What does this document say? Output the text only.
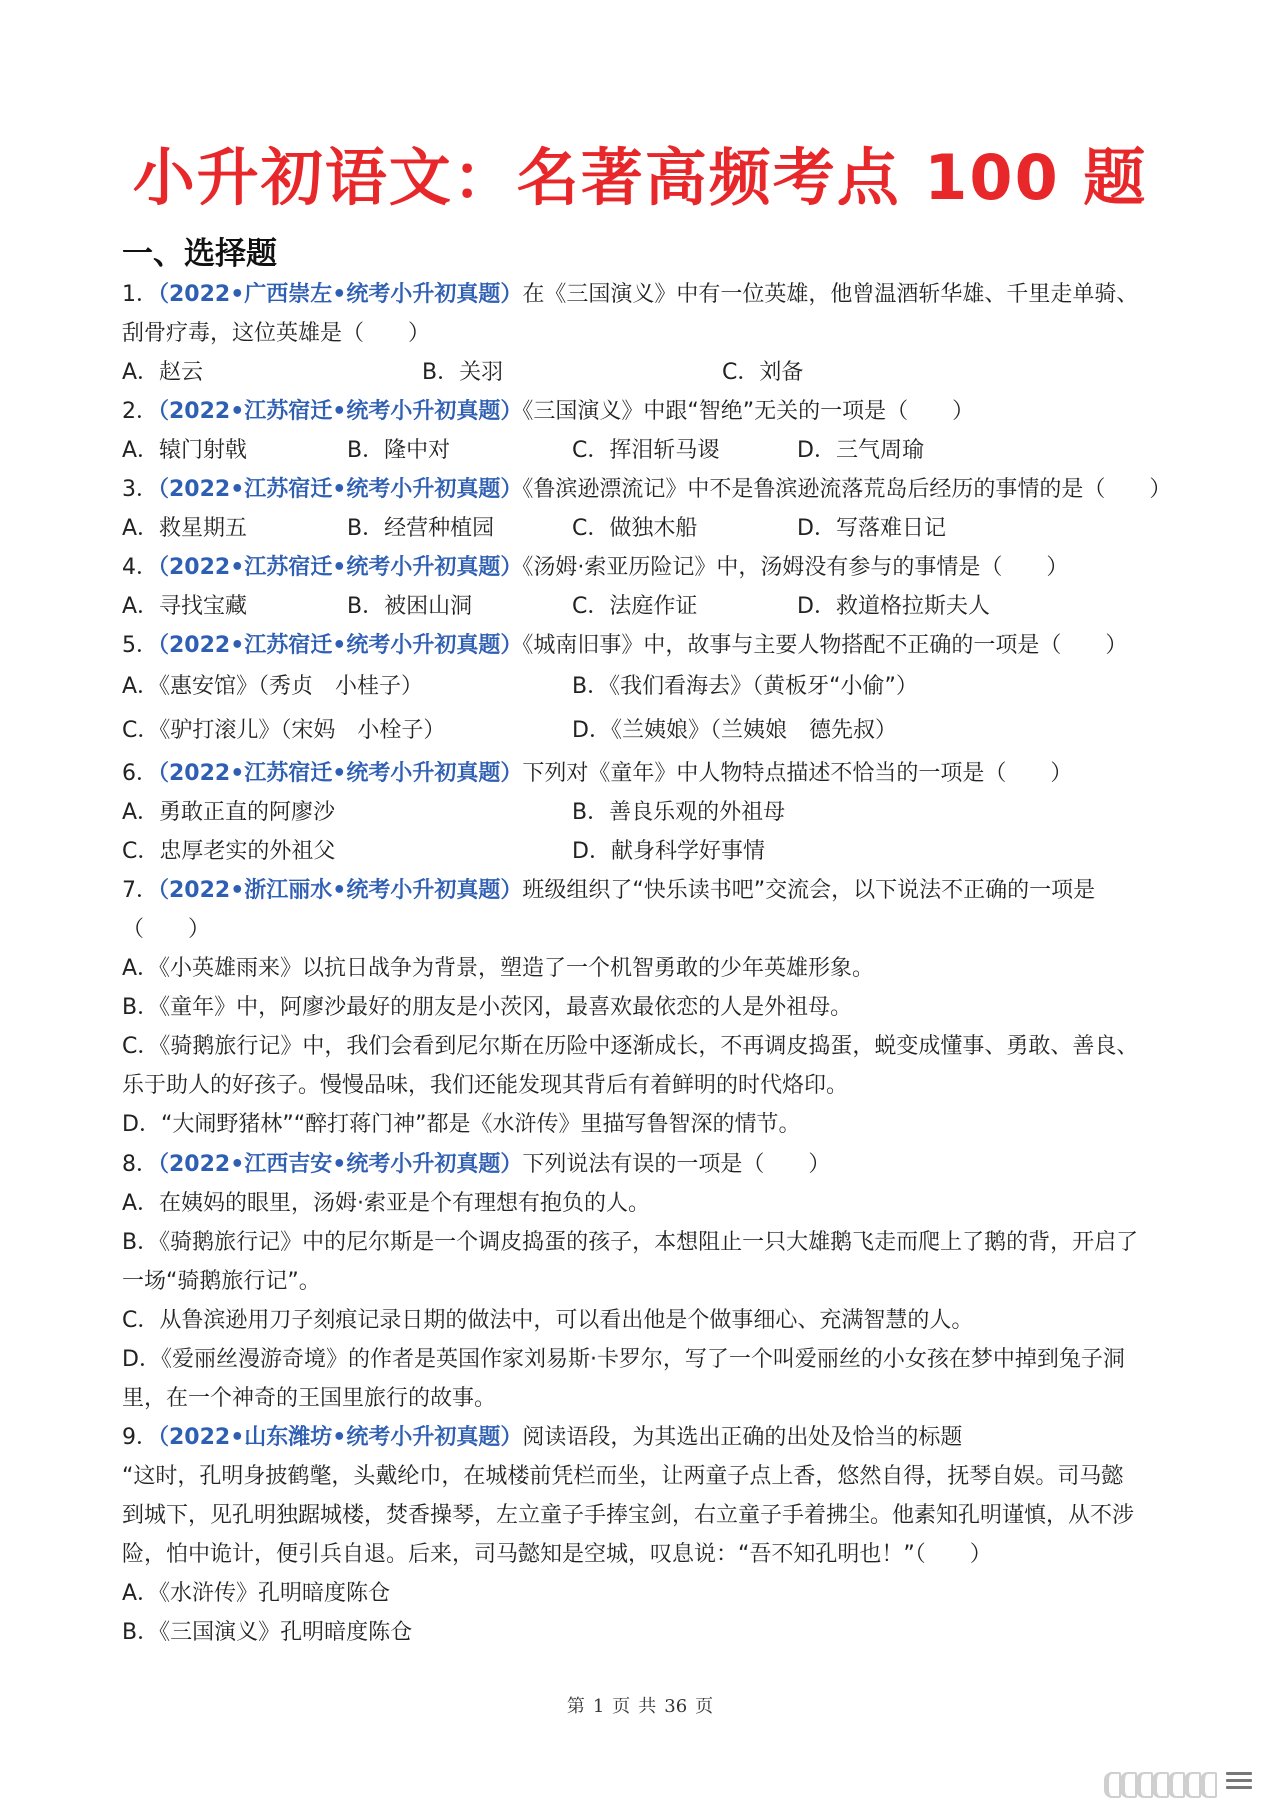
小升初语文：名著高频考点 100 题
一、选择题
1．（2022•广西崇左•统考小升初真题）在《三国演义》中有一位英雄，他曾温酒斩华雄、千里走单骑、
刮骨疗毒，这位英雄是（　　）
A．赵云	B．关羽	C．刘备
2．（2022•江苏宿迁•统考小升初真题）《三国演义》中跟“智绝”无关的一项是（　　）
A．辕门射戟	B．隆中对	C．挥泪斩马谡	D．三气周瑜
3．（2022•江苏宿迁•统考小升初真题）《鲁滨逊漂流记》中不是鲁滨逊流落荒岛后经历的事情的是（　　）
A．救星期五	B．经营种植园	C．做独木船	D．写落难日记
4．（2022•江苏宿迁•统考小升初真题）《汤姆·索亚历险记》中，汤姆没有参与的事情是（　　）
A．寻找宝藏	B．被困山洞	C．法庭作证	D．救道格拉斯夫人
5．（2022•江苏宿迁•统考小升初真题）《城南旧事》中，故事与主要人物搭配不正确的一项是（　　）
A．《惠安馆》（秀贞　小桂子）	B．《我们看海去》（黄板牙“小偷”）
C．《驴打滚儿》（宋妈　小栓子）	D．《兰姨娘》（兰姨娘　德先叔）
6．（2022•江苏宿迁•统考小升初真题）下列对《童年》中人物特点描述不恰当的一项是（　　）
A．勇敢正直的阿廖沙	B．善良乐观的外祖母
C．忠厚老实的外祖父	D．献身科学好事情
7．（2022•浙江丽水•统考小升初真题）班级组织了“快乐读书吧”交流会，以下说法不正确的一项是
（　　）
A．《小英雄雨来》以抗日战争为背景，塑造了一个机智勇敢的少年英雄形象。
B．《童年》中，阿廖沙最好的朋友是小茨冈，最喜欢最依恋的人是外祖母。
C．《骑鹅旅行记》中，我们会看到尼尔斯在历险中逐渐成长，不再调皮捣蛋，蜕变成懂事、勇敢、善良、
乐于助人的好孩子。慢慢品味，我们还能发现其背后有着鲜明的时代烙印。
D．“大闹野猪林”“醉打蒋门神”都是《水浒传》里描写鲁智深的情节。
8．（2022•江西吉安•统考小升初真题）下列说法有误的一项是（　　）
A．在姨妈的眼里，汤姆·索亚是个有理想有抱负的人。
B．《骑鹅旅行记》中的尼尔斯是一个调皮捣蛋的孩子，本想阻止一只大雄鹅飞走而爬上了鹅的背，开启了
一场“骑鹅旅行记”。
C．从鲁滨逊用刀子刻痕记录日期的做法中，可以看出他是个做事细心、充满智慧的人。
D．《爱丽丝漫游奇境》的作者是英国作家刘易斯·卡罗尔，写了一个叫爱丽丝的小女孩在梦中掉到兔子洞
里，在一个神奇的王国里旅行的故事。
9．（2022•山东潍坊•统考小升初真题）阅读语段，为其选出正确的出处及恰当的标题
“这时，孔明身披鹤氅，头戴纶巾，在城楼前凭栏而坐，让两童子点上香，悠然自得，抚琴自娱。司马懿
到城下，见孔明独踞城楼，焚香操琴，左立童子手捧宝剑，右立童子手着拂尘。他素知孔明谨慎，从不涉
险，怕中诡计，便引兵自退。后来，司马懿知是空城，叹息说：“吾不知孔明也！”（　　）
A．《水浒传》孔明暗度陈仓
B．《三国演义》孔明暗度陈仓
第 1 页 共 36 页
